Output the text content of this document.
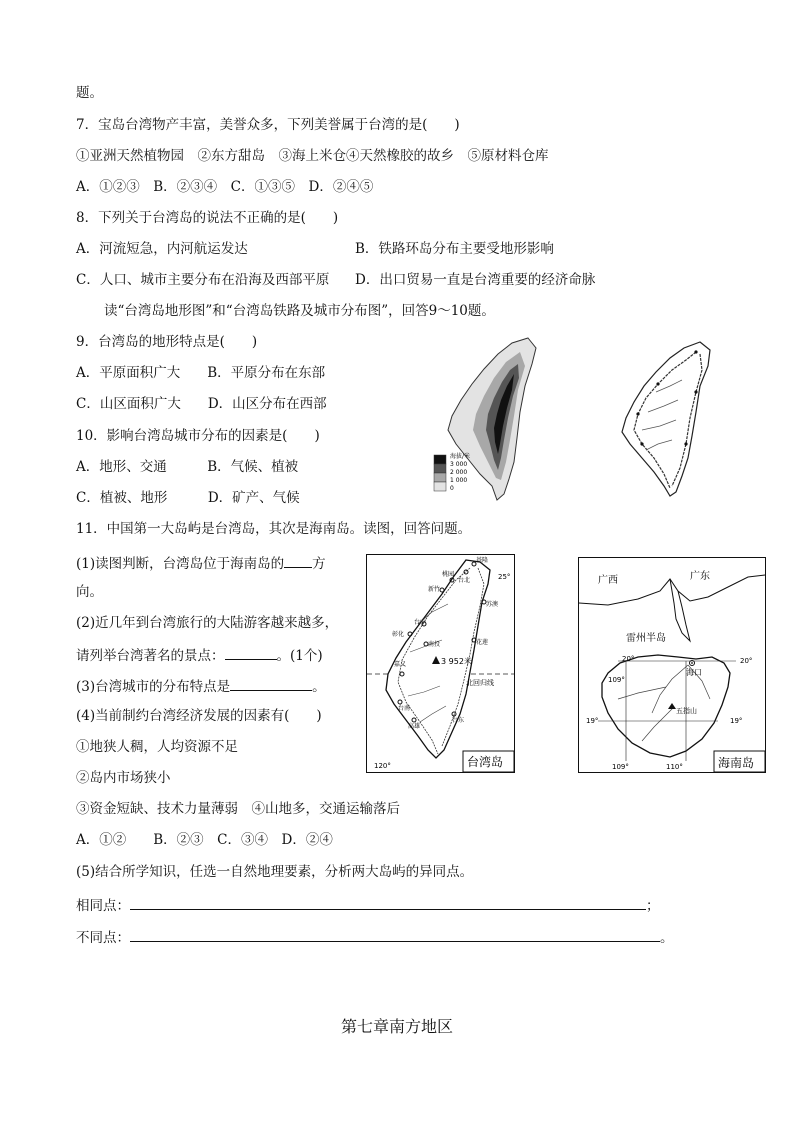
题。
7．宝岛台湾物产丰富，美誉众多，下列美誉属于台湾的是(　　)
①亚洲天然植物园　②东方甜岛　③海上米仓④天然橡胶的故乡　⑤原材料仓库
A．①②③　B．②③④　C．①③⑤　D．②④⑤
8．下列关于台湾岛的说法不正确的是(　　)
A．河流短急，内河航运发达	B．铁路环岛分布主要受地形影响
C．人口、城市主要分布在沿海及西部平原 D．出口贸易一直是台湾重要的经济命脉
读“台湾岛地形图”和“台湾岛铁路及城市分布图”，回答9～10题。
9．台湾岛的地形特点是(　　)
A．平原面积广大　　B．平原分布在东部
C．山区面积广大　　D．山区分布在西部
10．影响台湾岛城市分布的因素是(　　)
A．地形、交通　　　B．气候、植被
C．植被、地形　　　D．矿产、气候
11．中国第一大岛屿是台湾岛，其次是海南岛。读图，回答问题。
(1)读图判断，台湾岛位于海南岛的 方
向。
(2)近几年到台湾旅行的大陆游客越来越多，
请列举台湾著名的景点：	。(1个)
(3)台湾城市的分布特点是	。
(4)当前制约台湾经济发展的因素有(　　)
①地狭人稠，人均资源不足
②岛内市场狭小
③资金短缺、技术力量薄弱　④山地多，交通运输落后
A．①②　　B．②③　C．③④　D．②④
(5)结合所学知识，任选一自然地理要素，分析两大岛屿的异同点。
相同点：	；
不同点：	。
海拔/米
3 000
2 000
1 000
0
25°
120°
3 952米
北回归线
基隆
台北
新竹
桃园
苏澳
台中
彰化
南投	花莲
嘉义
台南
高雄
台东
台湾岛
广西	广东
雷州半岛
海口
五指山
20°	20°
19°	19°
109°
109°	110°	海南岛
第七章南方地区
